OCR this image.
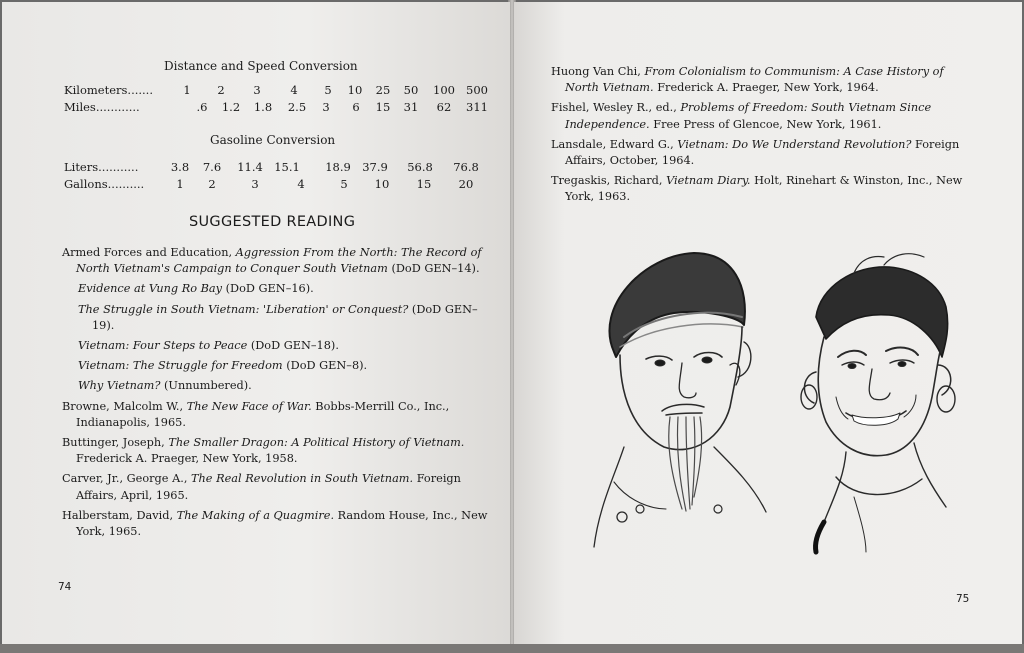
Distance and Speed Conversion
Kilometers.......	1	2	3	4	5	10	25	50	100 500
Miles............	.6	1.2	1.8	2.5	3	6	15	31	62	311
Gasoline Conversion
Liters...........	3.8	7.6	11.4 15.1	18.9 37.9	56.8	76.8
Gallons..........	1	2	3	4	5	10	15	20
SUGGESTED READING
Armed Forces and Education, Aggression From the North: The Record of North Vietnam's Campaign to Conquer South Vietnam (DoD GEN–14).
Evidence at Vung Ro Bay (DoD GEN–16).
The Struggle in South Vietnam: 'Liberation' or Conquest? (DoD GEN–19).
Vietnam: Four Steps to Peace (DoD GEN–18).
Vietnam: The Struggle for Freedom (DoD GEN–8).
Why Vietnam? (Unnumbered).
Browne, Malcolm W., The New Face of War. Bobbs-Merrill Co., Inc., Indianapolis, 1965.
Buttinger, Joseph, The Smaller Dragon: A Political History of Vietnam. Frederick A. Praeger, New York, 1958.
Carver, Jr., George A., The Real Revolution in South Vietnam. Foreign Affairs, April, 1965.
Halberstam, David, The Making of a Quagmire. Random House, Inc., New York, 1965.
74
Huong Van Chi, From Colonialism to Communism: A Case History of North Vietnam. Frederick A. Praeger, New York, 1964.
Fishel, Wesley R., ed., Problems of Freedom: South Vietnam Since Independence. Free Press of Glencoe, New York, 1961.
Lansdale, Edward G., Vietnam: Do We Understand Revolution? Foreign Affairs, October, 1964.
Tregaskis, Richard, Vietnam Diary. Holt, Rinehart & Winston, Inc., New York, 1963.
75
